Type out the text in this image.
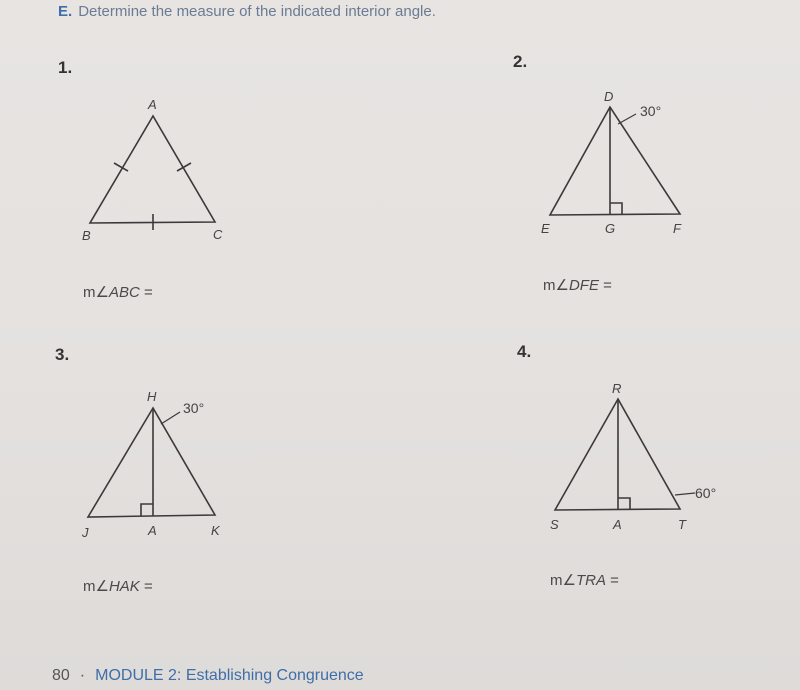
E. Determine the measure of the indicated interior angle.
1.
A
B	C
D
30°
E	G	F
H
30°
J	A	K
R
60°
S	A	T
2.
3.	4.
m∠ABC =	m∠DFE =
m∠HAK =	m∠TRA =
80 · MODULE 2: Establishing Congruence
